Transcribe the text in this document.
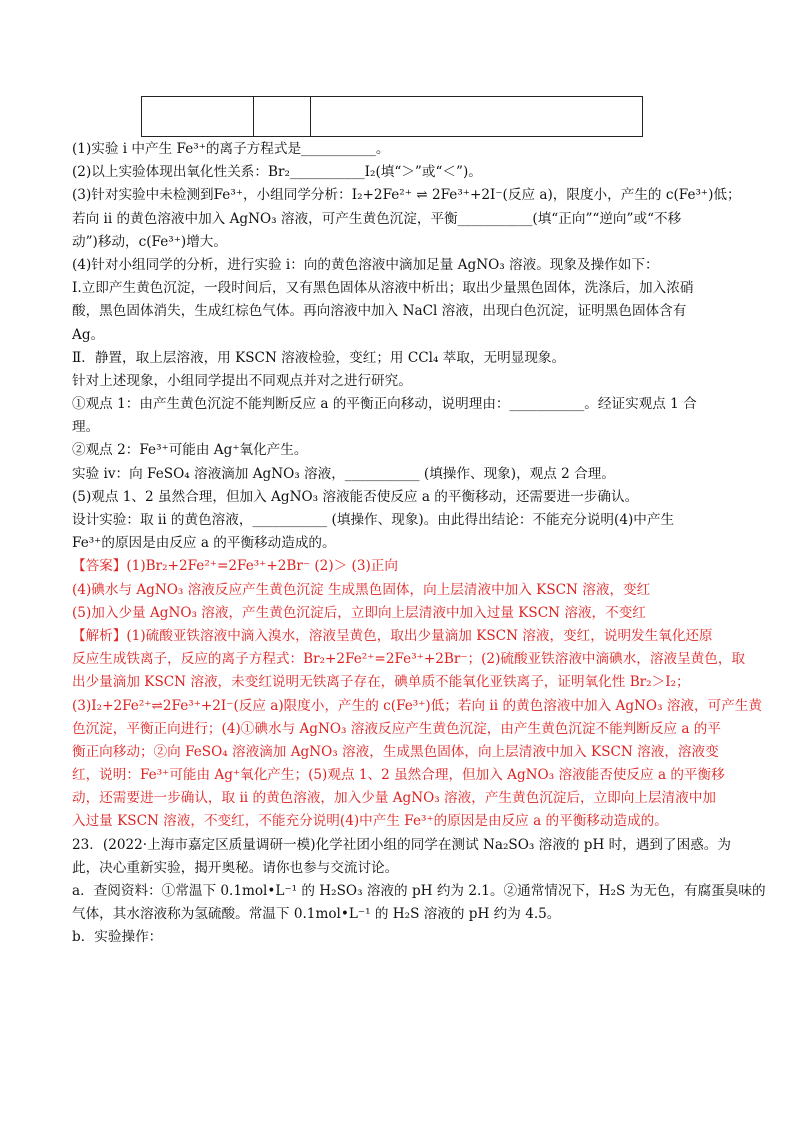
(1)实验 i 中产生 Fe³⁺的离子方程式是___________。
(2)以上实验体现出氧化性关系：Br₂___________I₂(填“＞”或“＜”)。
(3)针对实验中未检测到Fe³⁺，小组同学分析：I₂+2Fe²⁺ ⇌ 2Fe³⁺+2I⁻(反应 a)，限度小，产生的 c(Fe³⁺)低；
若向 ii 的黄色溶液中加入 AgNO₃ 溶液，可产生黄色沉淀，平衡___________(填“正向”“逆向”或“不移
动”)移动，c(Fe³⁺)增大。
(4)针对小组同学的分析，进行实验 i：向的黄色溶液中滴加足量 AgNO₃ 溶液。现象及操作如下：
Ⅰ.立即产生黄色沉淀，一段时间后，又有黑色固体从溶液中析出；取出少量黑色固体，洗涤后，加入浓硝
酸，黑色固体消失，生成红棕色气体。再向溶液中加入 NaCl 溶液，出现白色沉淀，证明黑色固体含有
Ag。
Ⅱ．静置，取上层溶液，用 KSCN 溶液检验，变红；用 CCl₄ 萃取，无明显现象。
针对上述现象，小组同学提出不同观点并对之进行研究。
①观点 1：由产生黄色沉淀不能判断反应 a 的平衡正向移动，说明理由：___________。经证实观点 1 合
理。
②观点 2：Fe³⁺可能由 Ag⁺氧化产生。
实验 iv：向 FeSO₄ 溶液滴加 AgNO₃ 溶液，___________ (填操作、现象)，观点 2 合理。
(5)观点 1、2 虽然合理，但加入 AgNO₃ 溶液能否使反应 a 的平衡移动，还需要进一步确认。
设计实验：取 ii 的黄色溶液，___________ (填操作、现象)。由此得出结论：不能充分说明(4)中产生
Fe³⁺的原因是由反应 a 的平衡移动造成的。
【答案】(1)Br₂+2Fe²⁺=2Fe³⁺+2Br⁻ (2)＞ (3)正向
(4)碘水与 AgNO₃ 溶液反应产生黄色沉淀 生成黑色固体，向上层清液中加入 KSCN 溶液，变红
(5)加入少量 AgNO₃ 溶液，产生黄色沉淀后，立即向上层清液中加入过量 KSCN 溶液，不变红
【解析】(1)硫酸亚铁溶液中滴入溴水，溶液呈黄色，取出少量滴加 KSCN 溶液，变红，说明发生氧化还原
反应生成铁离子，反应的离子方程式：Br₂+2Fe²⁺=2Fe³⁺+2Br⁻；(2)硫酸亚铁溶液中滴碘水，溶液呈黄色，取
出少量滴加 KSCN 溶液，未变红说明无铁离子存在，碘单质不能氧化亚铁离子，证明氧化性 Br₂＞I₂；
(3)I₂+2Fe²⁺⇌2Fe³⁺+2I⁻(反应 a)限度小，产生的 c(Fe³⁺)低；若向 ii 的黄色溶液中加入 AgNO₃ 溶液，可产生黄
色沉淀，平衡正向进行；(4)①碘水与 AgNO₃ 溶液反应产生黄色沉淀，由产生黄色沉淀不能判断反应 a 的平
衡正向移动；②向 FeSO₄ 溶液滴加 AgNO₃ 溶液，生成黑色固体，向上层清液中加入 KSCN 溶液，溶液变
红，说明：Fe³⁺可能由 Ag⁺氧化产生；(5)观点 1、2 虽然合理，但加入 AgNO₃ 溶液能否使反应 a 的平衡移
动，还需要进一步确认，取 ii 的黄色溶液，加入少量 AgNO₃ 溶液，产生黄色沉淀后，立即向上层清液中加
入过量 KSCN 溶液，不变红，不能充分说明(4)中产生 Fe³⁺的原因是由反应 a 的平衡移动造成的。
23．(2022·上海市嘉定区质量调研一模)化学社团小组的同学在测试 Na₂SO₃ 溶液的 pH 时，遇到了困惑。为
此，决心重新实验，揭开奥秘。请你也参与交流讨论。
a．查阅资料：①常温下 0.1mol•L⁻¹ 的 H₂SO₃ 溶液的 pH 约为 2.1。②通常情况下，H₂S 为无色，有腐蛋臭味的
气体，其水溶液称为氢硫酸。常温下 0.1mol•L⁻¹ 的 H₂S 溶液的 pH 约为 4.5。
b．实验操作：
